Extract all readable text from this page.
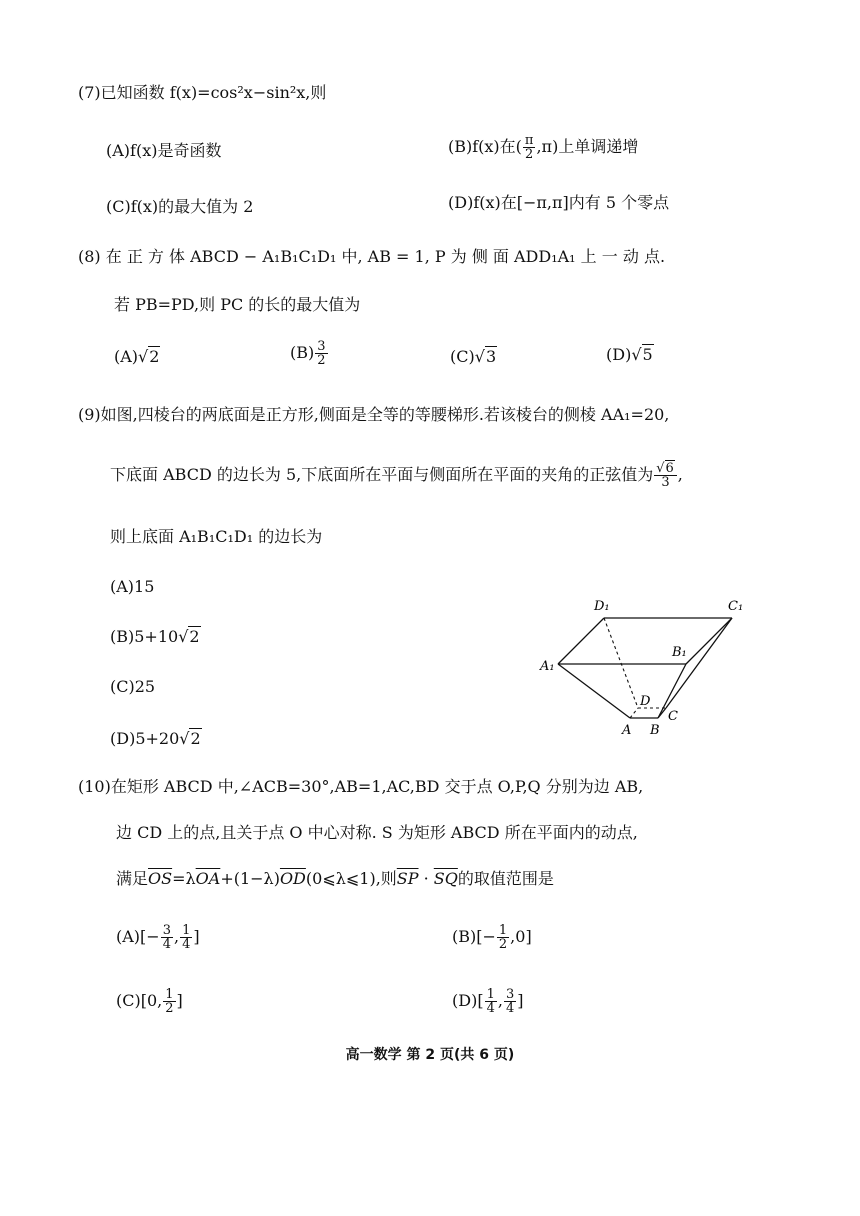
(7)已知函数 f(x)=cos²x−sin²x,则
(A)f(x)是奇函数	(B)f(x)在( $\frac{\pi}{2} ,\pi$)上单调递增
(C)f(x)的最大值为 2	(D)f(x)在[−π,π]内有 5 个零点
(8) 在 正 方 体 ABCD − A₁B₁C₁D₁ 中, AB = 1, P 为 侧 面 ADD₁A₁ 上 一 动 点.
若 PB=PD,则 PC 的长的最大值为
(A)√2	$(B) \frac{3}{2}$	(C)√3	(D)√5
(9)如图,四棱台的两底面是正方形,侧面是全等的等腰梯形.若该棱台的侧棱 AA₁=20,
下底面 ABCD 的边长为 5,下底面所在平面与侧面所在平面的夹角的正弦值为 $\frac{√6}{3}$ ,
则上底面 A₁B₁C₁D₁ 的边长为
(A)15
(B)5+10√2
(C)25
(D)5+20√2
D₁	C₁
B₁
A₁
D
C
A B
(10)在矩形 ABCD 中,∠ACB=30°,AB=1,AC,BD 交于点 O,P,Q 分别为边 AB,
边 CD 上的点,且关于点 O 中心对称. S 为矩形 ABCD 所在平面内的动点,
满足$\overline{OS}=\lambda\overline{OA}+(1-\lambda)\overline{OD}(0⩽\lambda⩽1)$,则$\overline{SP} \cdot \overline{SQ}$的取值范围是
$(A)[- \frac{3}{4}$ , $\frac{1}{4}$ ]	$(B)[- \frac{1}{2} ,0]$
(C)[0, $\frac{1}{2}$ ]	$(D)[ \frac{1}{4}$ , $\frac{3}{4}$ ]
高一数学 第 2 页(共 6 页)
